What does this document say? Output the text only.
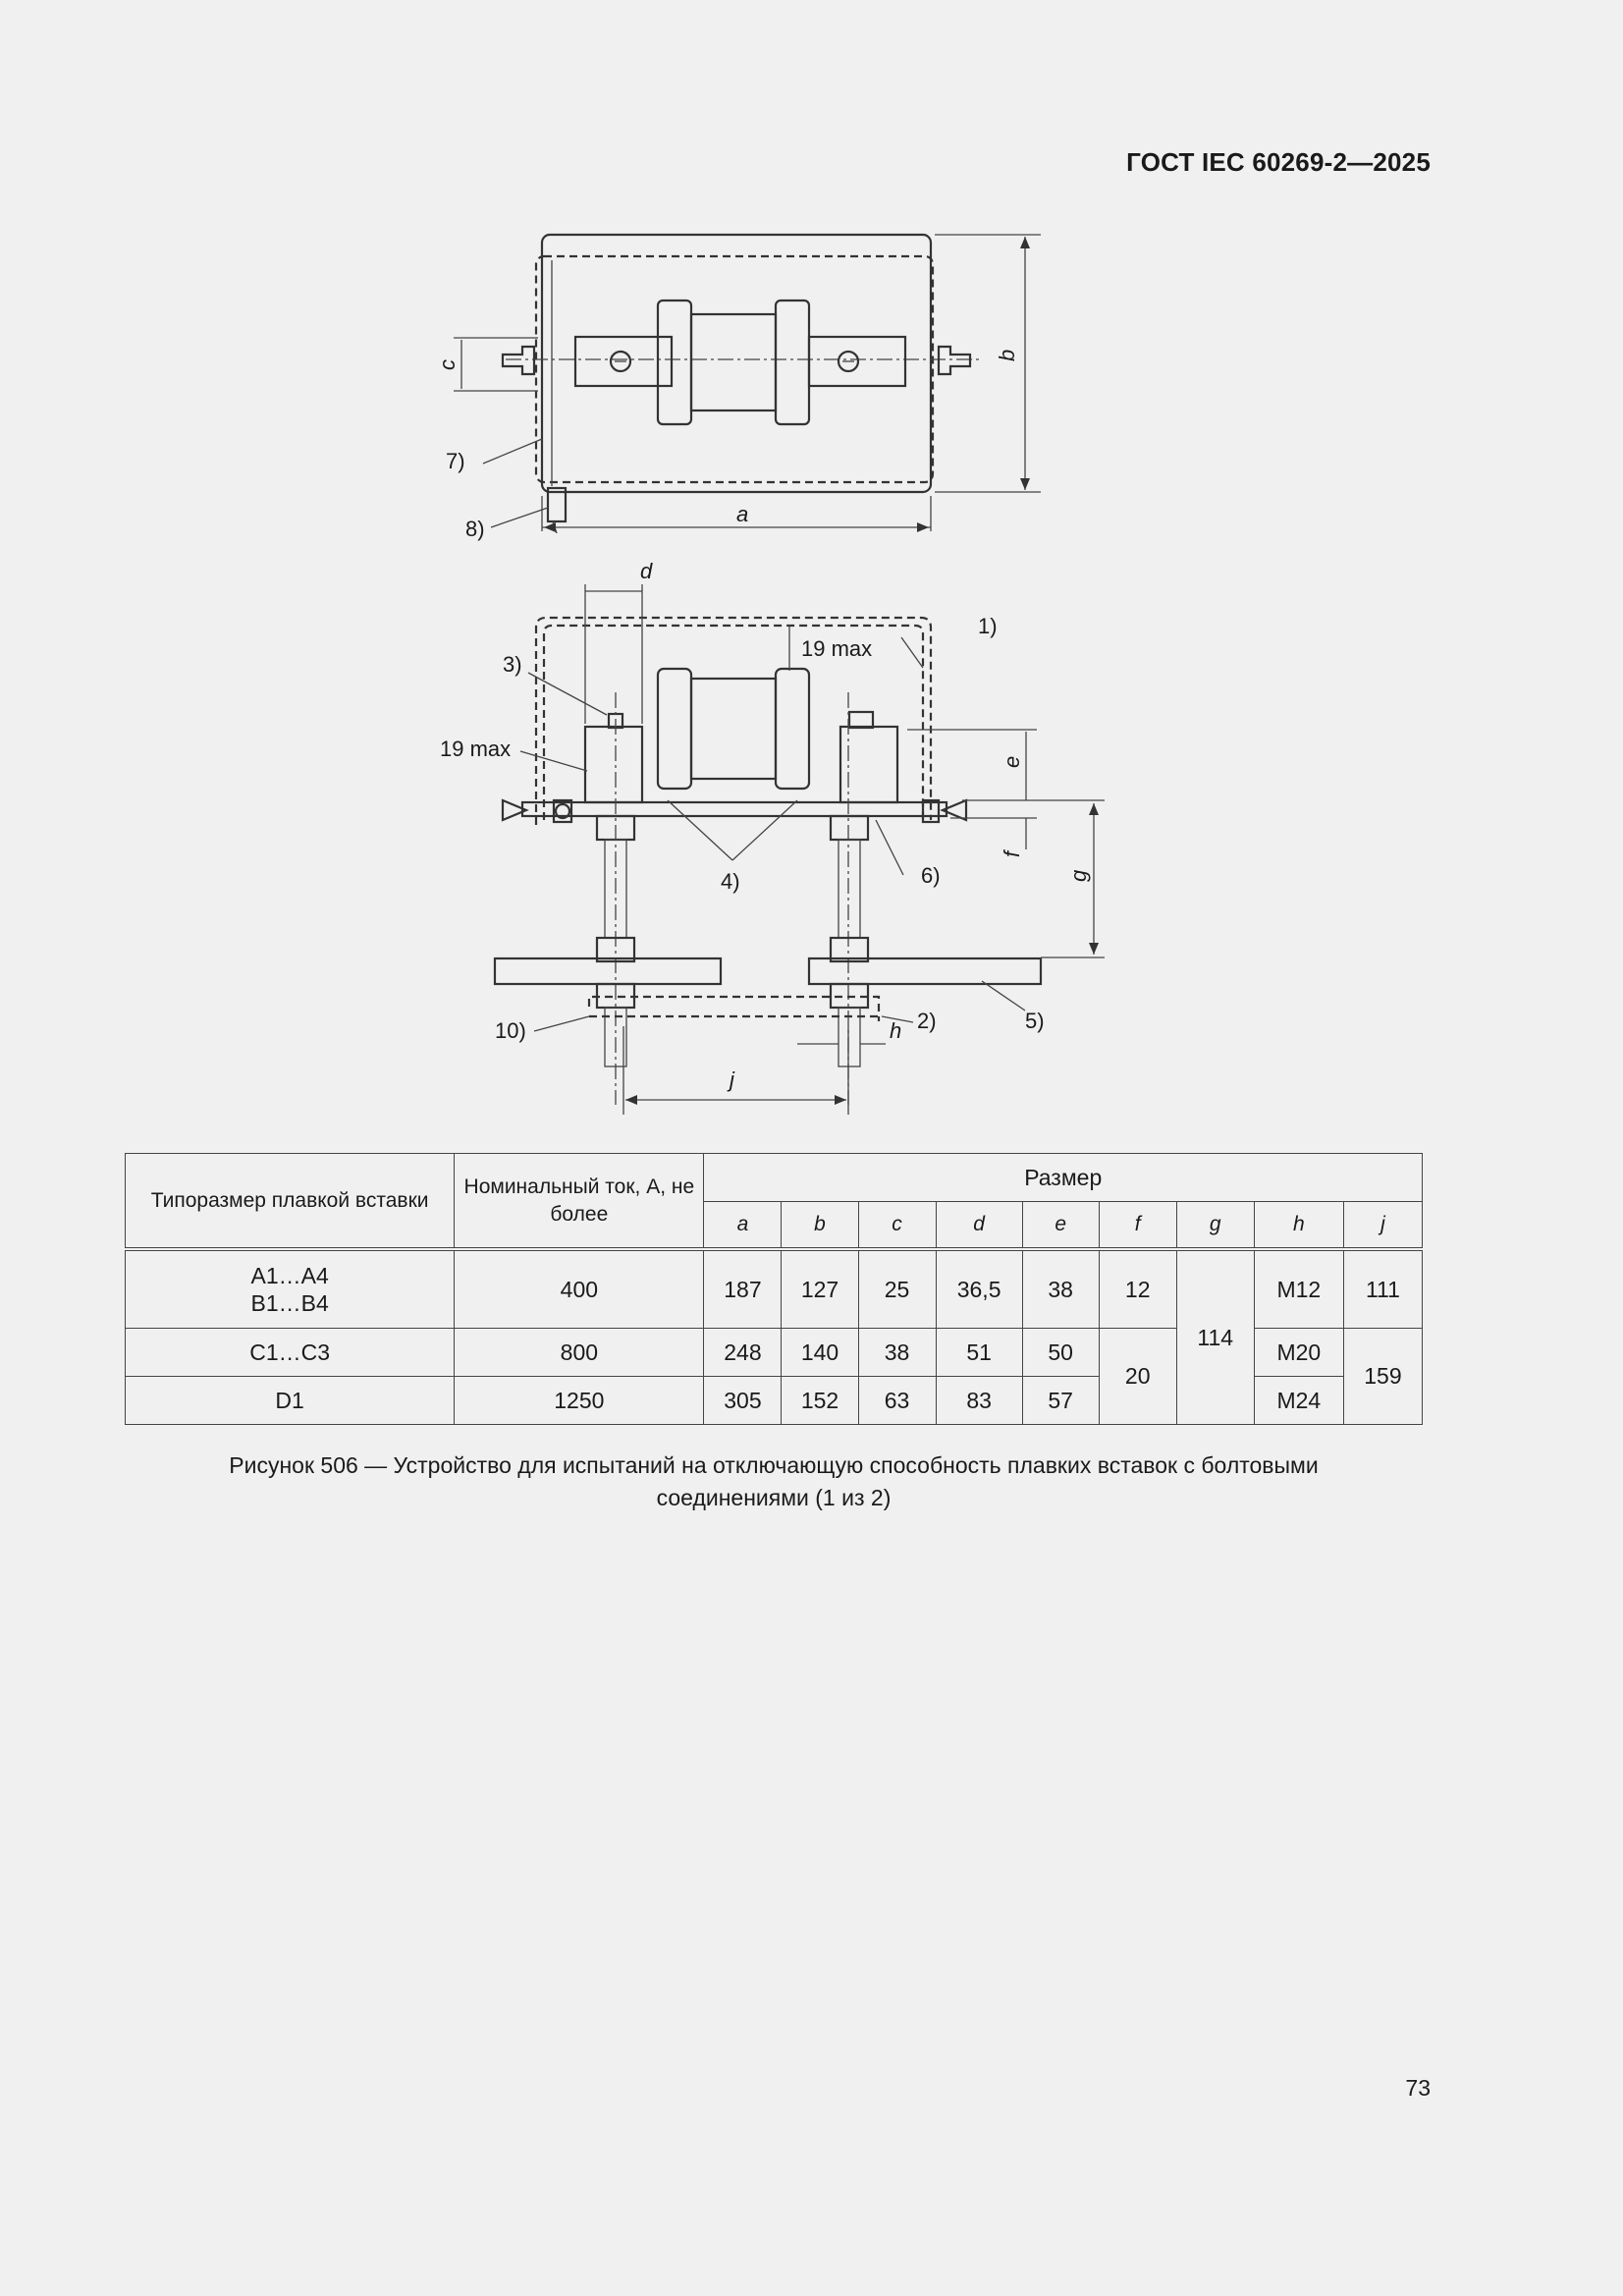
ГОСТ IEC 60269-2—2025
7)
8)
a
b
c
d
19 max
19 max
1)
3)
4)	6)
5)
2)
10)
e
f
g
h
j
Типоразмер плавкой вставки	Номинальный ток, А, не более	Размер								
		a	b	c	d	e	f	g	h	j

A1…A4
B1…B4	400	187	127	25	36,5	38	12	114	M12	111
C1…C3	800	248	140	38	51	50	20		M20	159
D1	1250	305	152	63	83	57			M24	
Рисунок 506 — Устройство для испытаний на отключающую способность плавких вставок с болтовыми
соединениями (1 из 2)
73
